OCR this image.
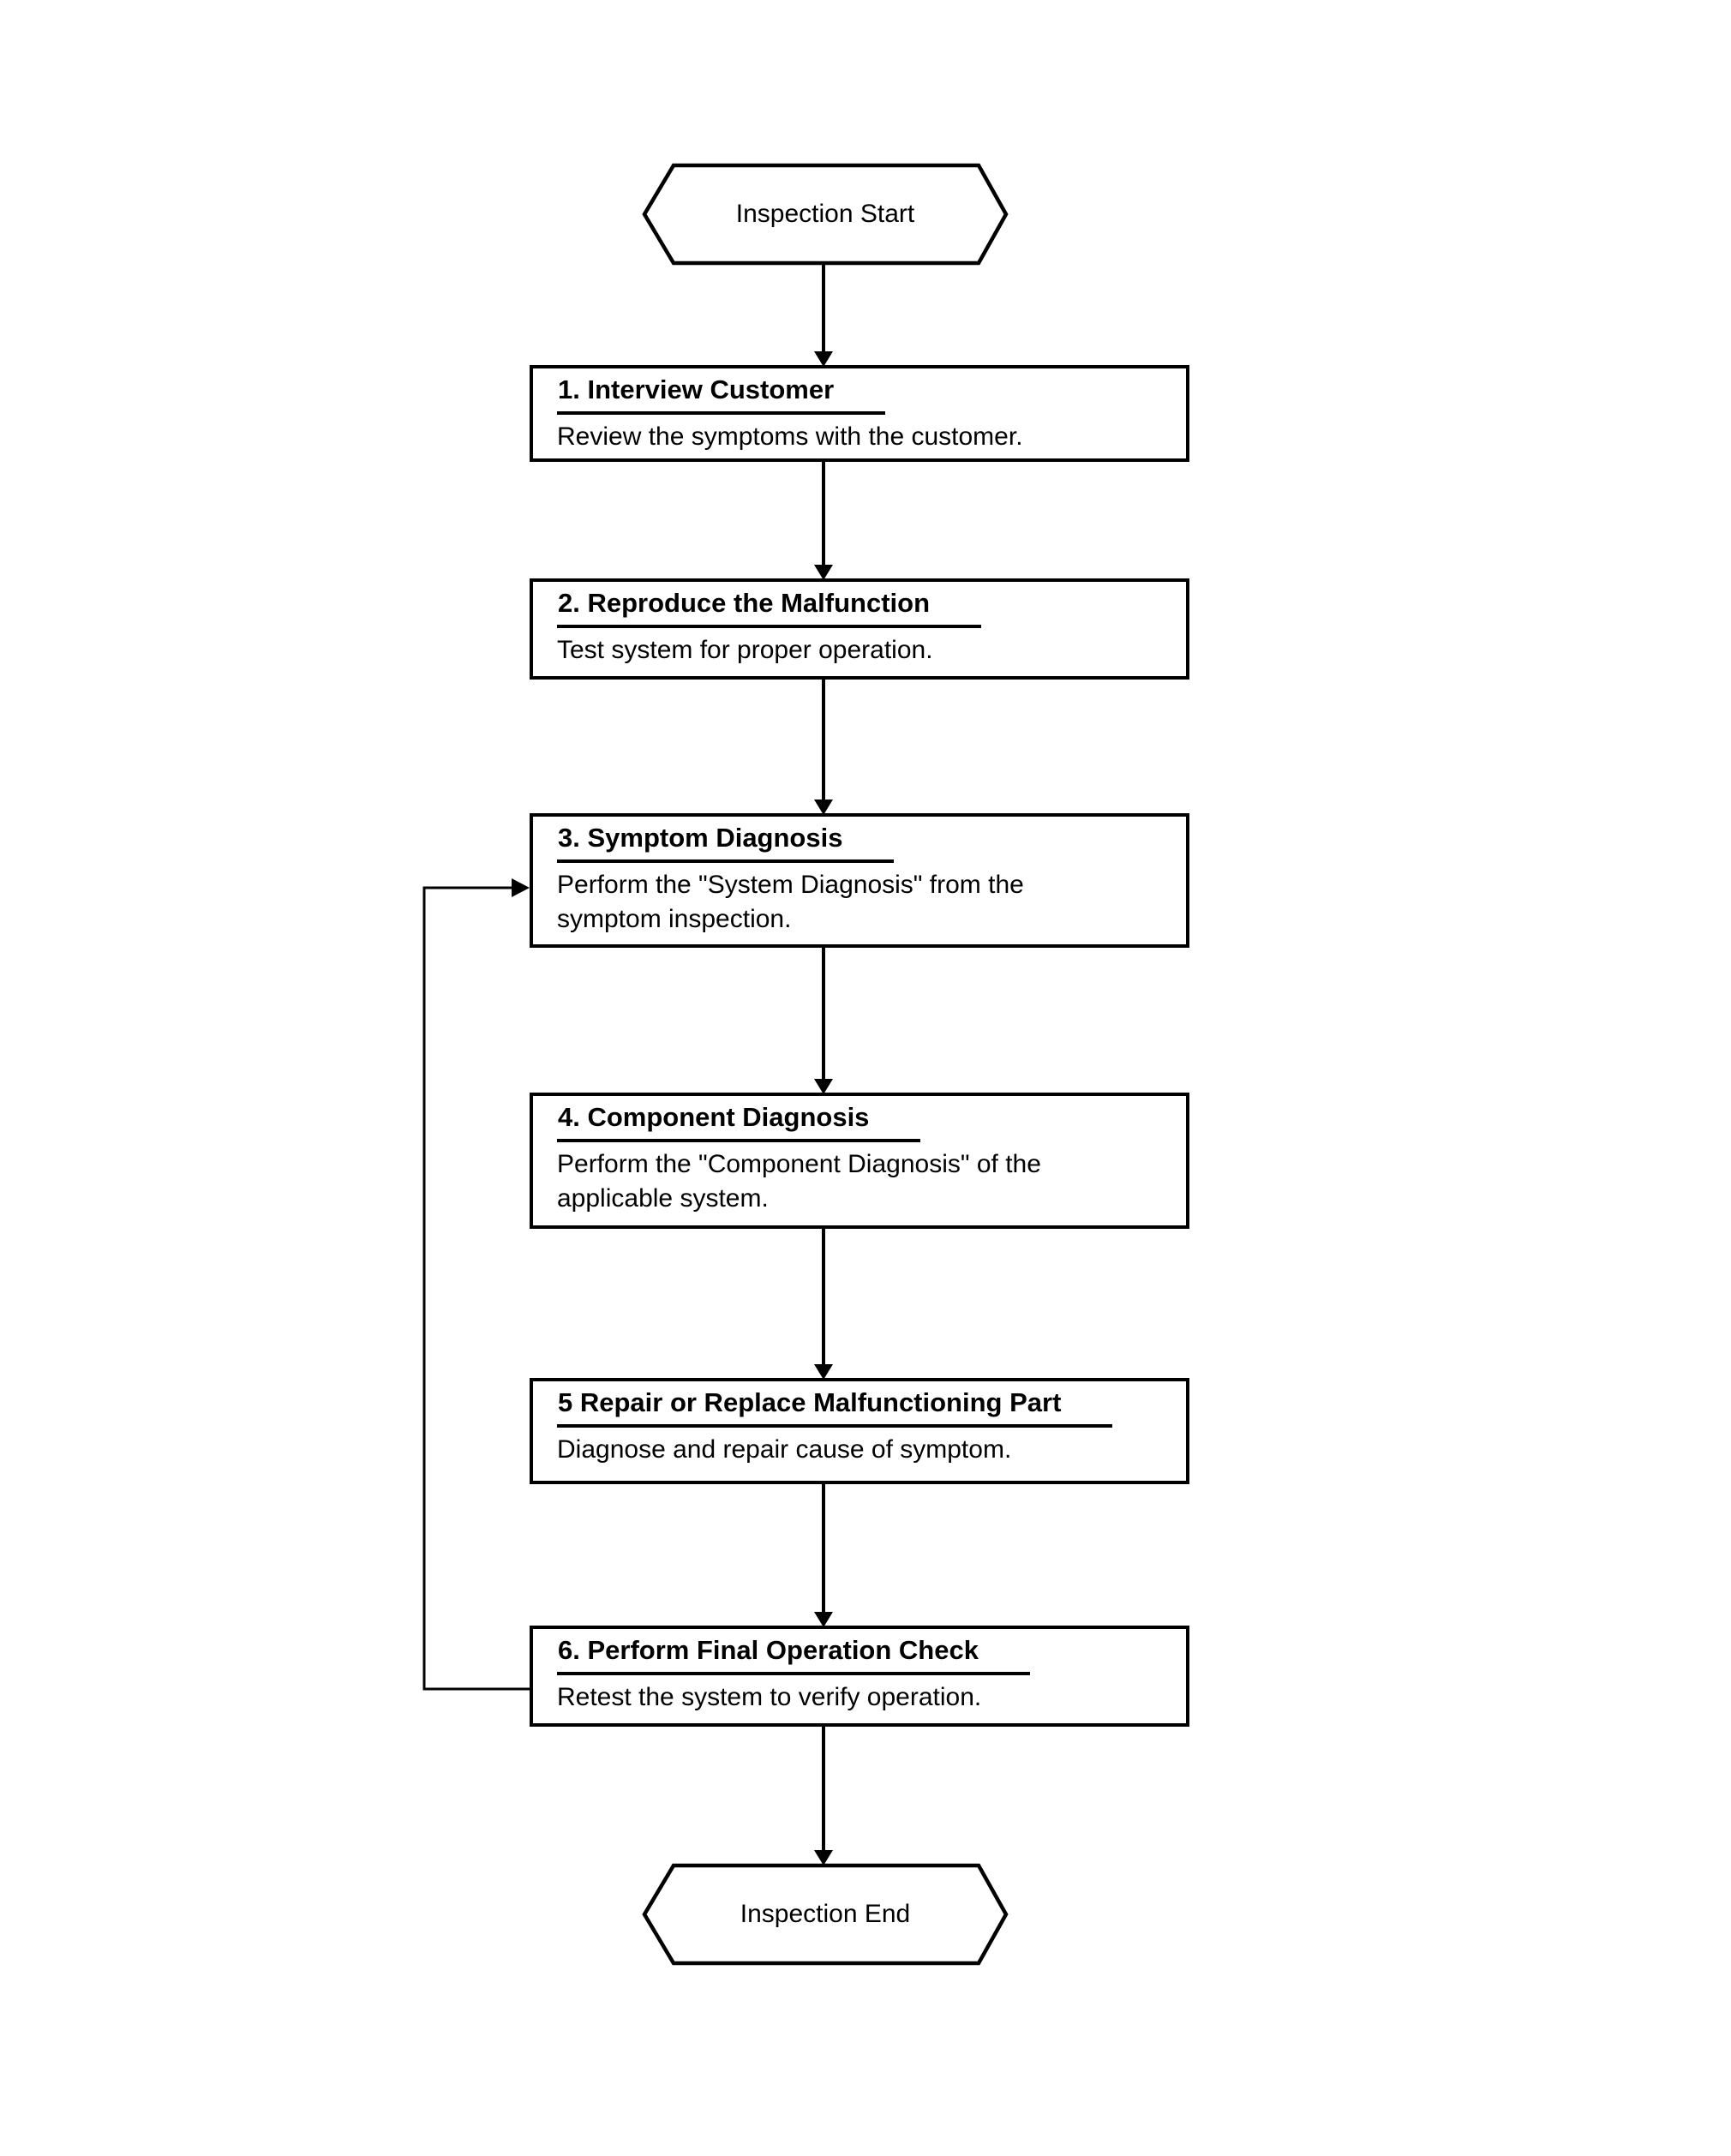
Inspection Start
1. Interview Customer

Review the symptoms with the customer.

2. Reproduce the Malfunction

Test system for proper operation.

3. Symptom Diagnosis

Perform the "System Diagnosis" from the symptom inspection.

4. Component Diagnosis

Perform the "Component Diagnosis" of the applicable system.

5 Repair or Replace Malfunctioning Part

Diagnose and repair cause of symptom.

6. Perform Final Operation Check

Retest the system to verify operation.

Inspection End
